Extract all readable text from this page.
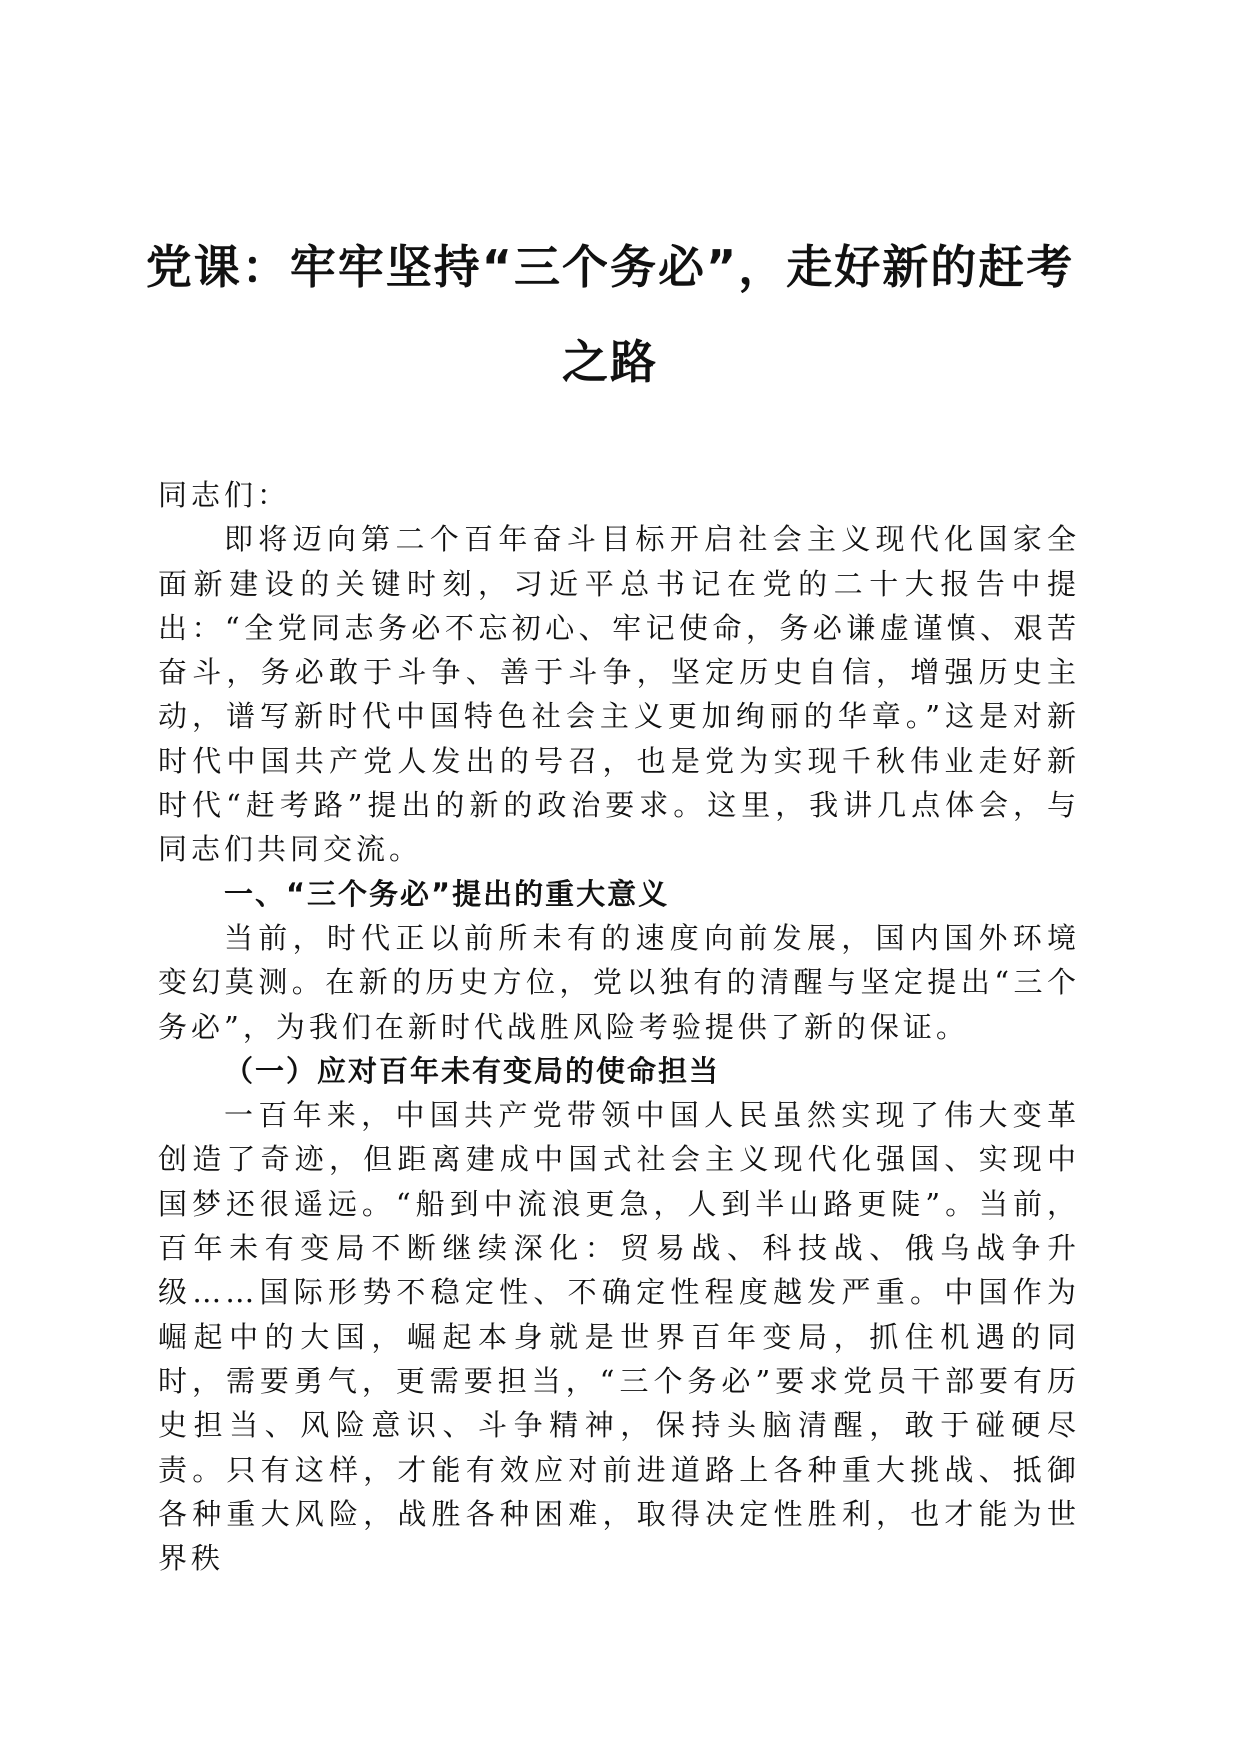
党课：牢牢坚持“三个务必”，走好新的赶考
之路

同志们：

即将迈向第二个百年奋斗目标开启社会主义现代化国家全面新建设的关键时刻，习近平总书记在党的二十大报告中提出：“全党同志务必不忘初心、牢记使命，务必谦虚谨慎、艰苦奋斗，务必敢于斗争、善于斗争，坚定历史自信，增强历史主动，谱写新时代中国特色社会主义更加绚丽的华章。”这是对新时代中国共产党人发出的号召，也是党为实现千秋伟业走好新时代“赶考路”提出的新的政治要求。这里，我讲几点体会，与同志们共同交流。

一、“三个务必”提出的重大意义

当前，时代正以前所未有的速度向前发展，国内国外环境变幻莫测。在新的历史方位，党以独有的清醒与坚定提出“三个务必”，为我们在新时代战胜风险考验提供了新的保证。

（一）应对百年未有变局的使命担当

一百年来，中国共产党带领中国人民虽然实现了伟大变革创造了奇迹，但距离建成中国式社会主义现代化强国、实现中国梦还很遥远。“船到中流浪更急，人到半山路更陡”。当前，百年未有变局不断继续深化：贸易战、科技战、俄乌战争升级……国际形势不稳定性、不确定性程度越发严重。中国作为崛起中的大国，崛起本身就是世界百年变局，抓住机遇的同时，需要勇气，更需要担当，“三个务必”要求党员干部要有历史担当、风险意识、斗争精神，保持头脑清醒，敢于碰硬尽责。只有这样，才能有效应对前进道路上各种重大挑战、抵御各种重大风险，战胜各种困难，取得决定性胜利，也才能为世界秩
